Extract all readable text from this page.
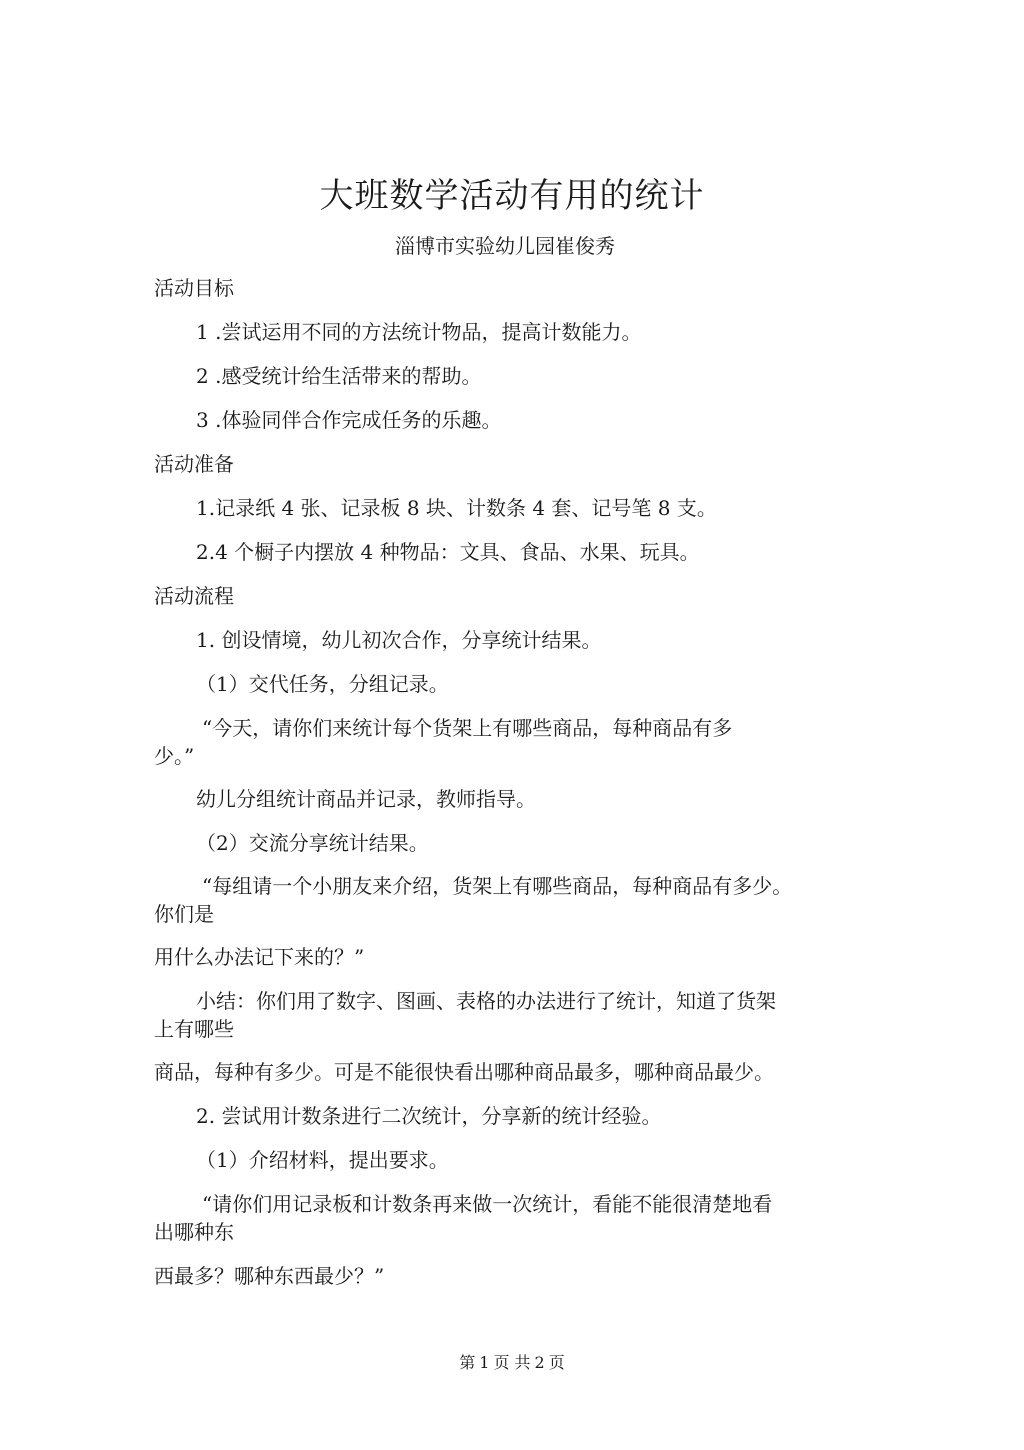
大班数学活动有用的统计
淄博市实验幼儿园崔俊秀
活动目标
1 .尝试运用不同的方法统计物品，提高计数能力。
2 .感受统计给生活带来的帮助。
3 .体验同伴合作完成任务的乐趣。
活动准备
1.记录纸 4 张、记录板 8 块、计数条 4 套、记号笔 8 支。
2.4 个橱子内摆放 4 种物品：文具、食品、水果、玩具。
活动流程
1. 创设情境，幼儿初次合作，分享统计结果。
（1）交代任务，分组记录。
“今天，请你们来统计每个货架上有哪些商品，每种商品有多
少。”
幼儿分组统计商品并记录，教师指导。
（2）交流分享统计结果。
“每组请一个小朋友来介绍，货架上有哪些商品，每种商品有多少。
你们是
用什么办法记下来的？”
小结：你们用了数字、图画、表格的办法进行了统计，知道了货架
上有哪些
商品，每种有多少。可是不能很快看出哪种商品最多，哪种商品最少。
2. 尝试用计数条进行二次统计，分享新的统计经验。
（1）介绍材料，提出要求。
“请你们用记录板和计数条再来做一次统计，看能不能很清楚地看
出哪种东
西最多？哪种东西最少？”
第 1 页 共 2 页
